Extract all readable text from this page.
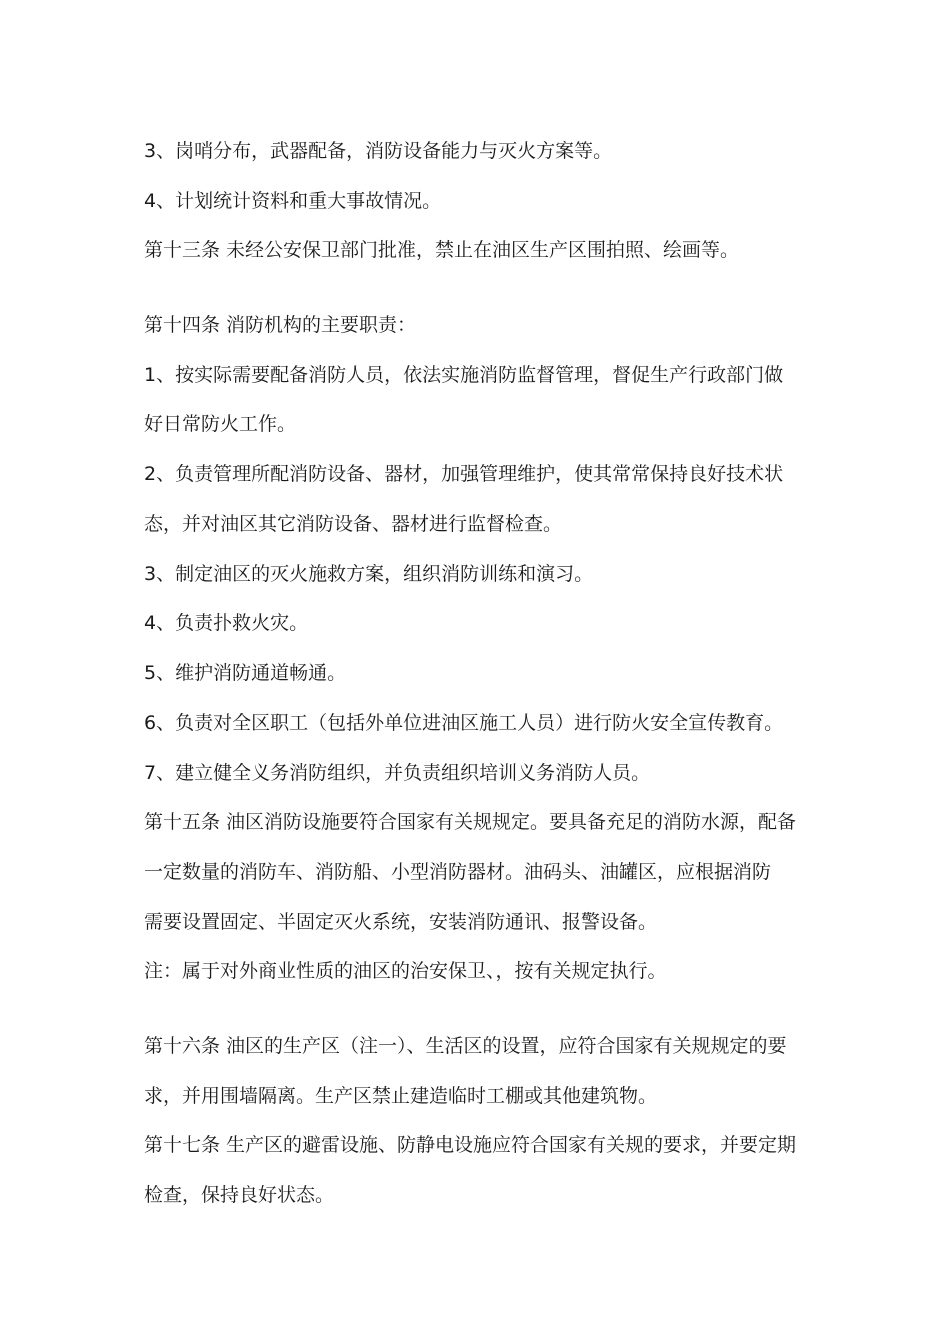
3、岗哨分布，武器配备，消防设备能力与灭火方案等。
4、计划统计资料和重大事故情况。
第十三条 未经公安保卫部门批准，禁止在油区生产区围拍照、绘画等。
第十四条 消防机构的主要职责：
1、按实际需要配备消防人员，依法实施消防监督管理，督促生产行政部门做
好日常防火工作。
2、负责管理所配消防设备、器材，加强管理维护，使其常常保持良好技术状
态，并对油区其它消防设备、器材进行监督检查。
3、制定油区的灭火施救方案，组织消防训练和演习。
4、负责扑救火灾。
5、维护消防通道畅通。
6、负责对全区职工（包括外单位进油区施工人员）进行防火安全宣传教育。
7、建立健全义务消防组织，并负责组织培训义务消防人员。
第十五条 油区消防设施要符合国家有关规规定。要具备充足的消防水源，配备
一定数量的消防车、消防船、小型消防器材。油码头、油罐区，应根据消防
需要设置固定、半固定灭火系统，安装消防通讯、报警设备。
注：属于对外商业性质的油区的治安保卫、，按有关规定执行。
第十六条 油区的生产区（注一）、生活区的设置，应符合国家有关规规定的要
求，并用围墙隔离。生产区禁止建造临时工棚或其他建筑物。
第十七条 生产区的避雷设施、防静电设施应符合国家有关规的要求，并要定期
检查，保持良好状态。
